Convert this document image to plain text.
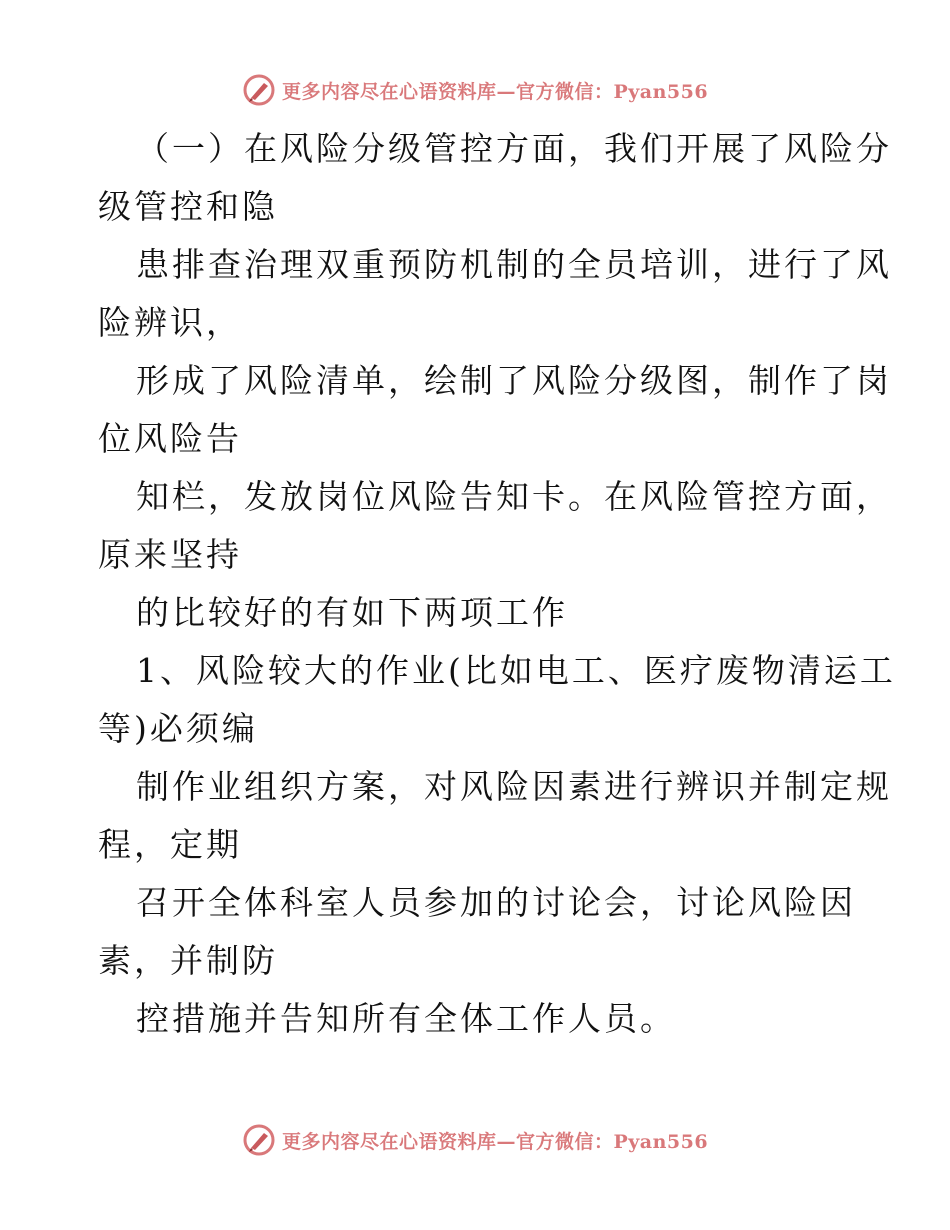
更多内容尽在心语资料库—官方微信：Pyan556
（一）在风险分级管控方面，我们开展了风险分
级管控和隐
患排查治理双重预防机制的全员培训，进行了风
险辨识，
形成了风险清单，绘制了风险分级图，制作了岗
位风险告
知栏，发放岗位风险告知卡。在风险管控方面，
原来坚持
的比较好的有如下两项工作
1、风险较大的作业(比如电工、医疗废物清运工
等)必须编
制作业组织方案，对风险因素进行辨识并制定规
程，定期
召开全体科室人员参加的讨论会，讨论风险因
素，并制防
控措施并告知所有全体工作人员。
更多内容尽在心语资料库—官方微信：Pyan556
